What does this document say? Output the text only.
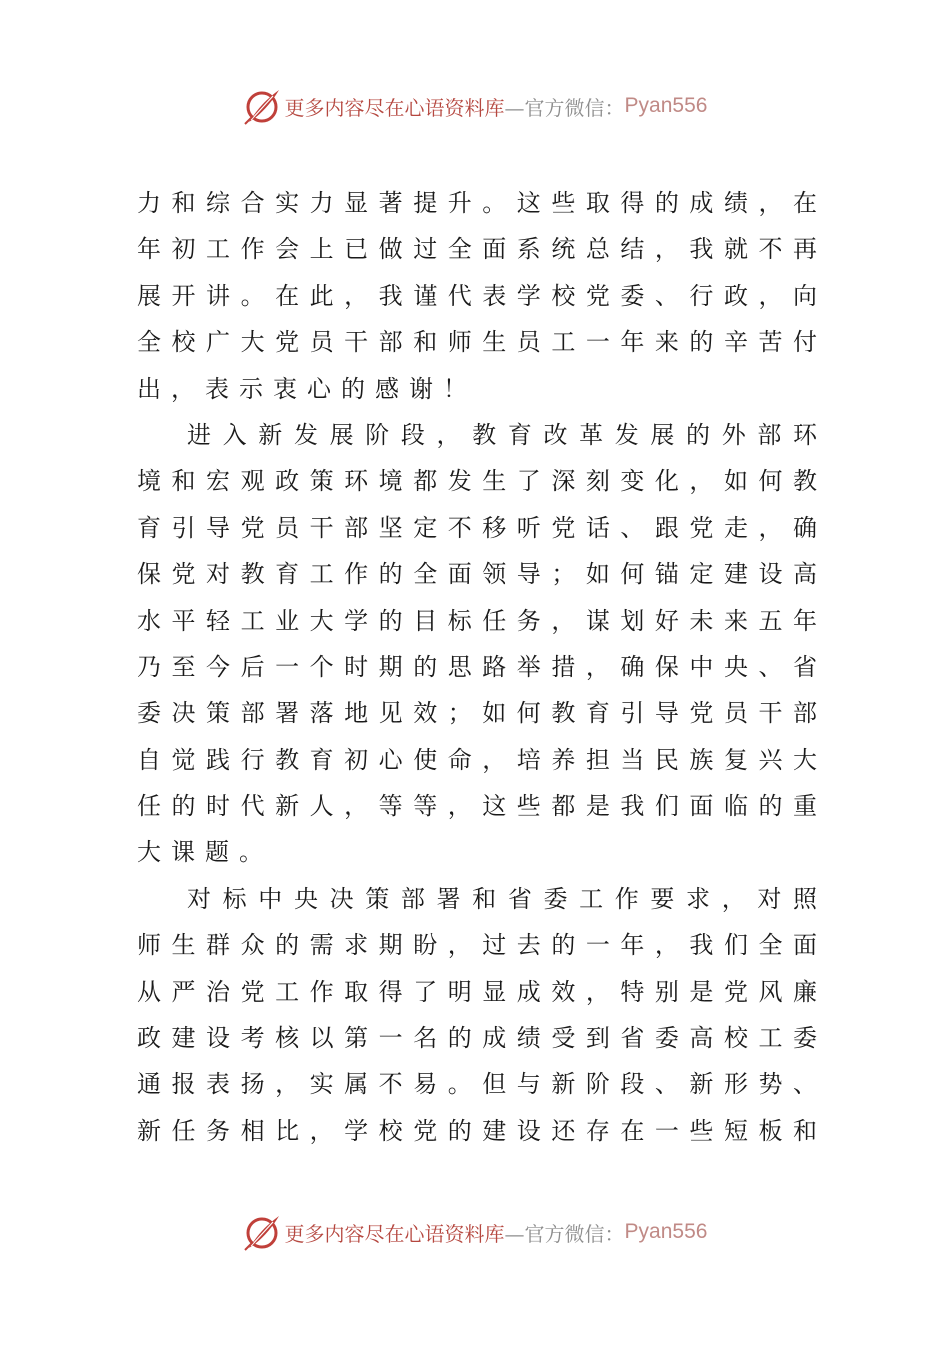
更多内容尽在心语资料库 —官方微信： Pyan556
力和综合实力显著提升。这些取得的成绩，在
年初工作会上已做过全面系统总结，我就不再
展开讲。在此，我谨代表学校党委、行政，向
全校广大党员干部和师生员工一年来的辛苦付
出，表示衷心的感谢！
进入新发展阶段，教育改革发展的外部环
境和宏观政策环境都发生了深刻变化，如何教
育引导党员干部坚定不移听党话、跟党走，确
保党对教育工作的全面领导；如何锚定建设高
水平轻工业大学的目标任务，谋划好未来五年
乃至今后一个时期的思路举措，确保中央、省
委决策部署落地见效；如何教育引导党员干部
自觉践行教育初心使命，培养担当民族复兴大
任的时代新人，等等，这些都是我们面临的重
大课题。
对标中央决策部署和省委工作要求，对照
师生群众的需求期盼，过去的一年，我们全面
从严治党工作取得了明显成效，特别是党风廉
政建设考核以第一名的成绩受到省委高校工委
通报表扬，实属不易。但与新阶段、新形势、
新任务相比，学校党的建设还存在一些短板和
更多内容尽在心语资料库 —官方微信： Pyan556
